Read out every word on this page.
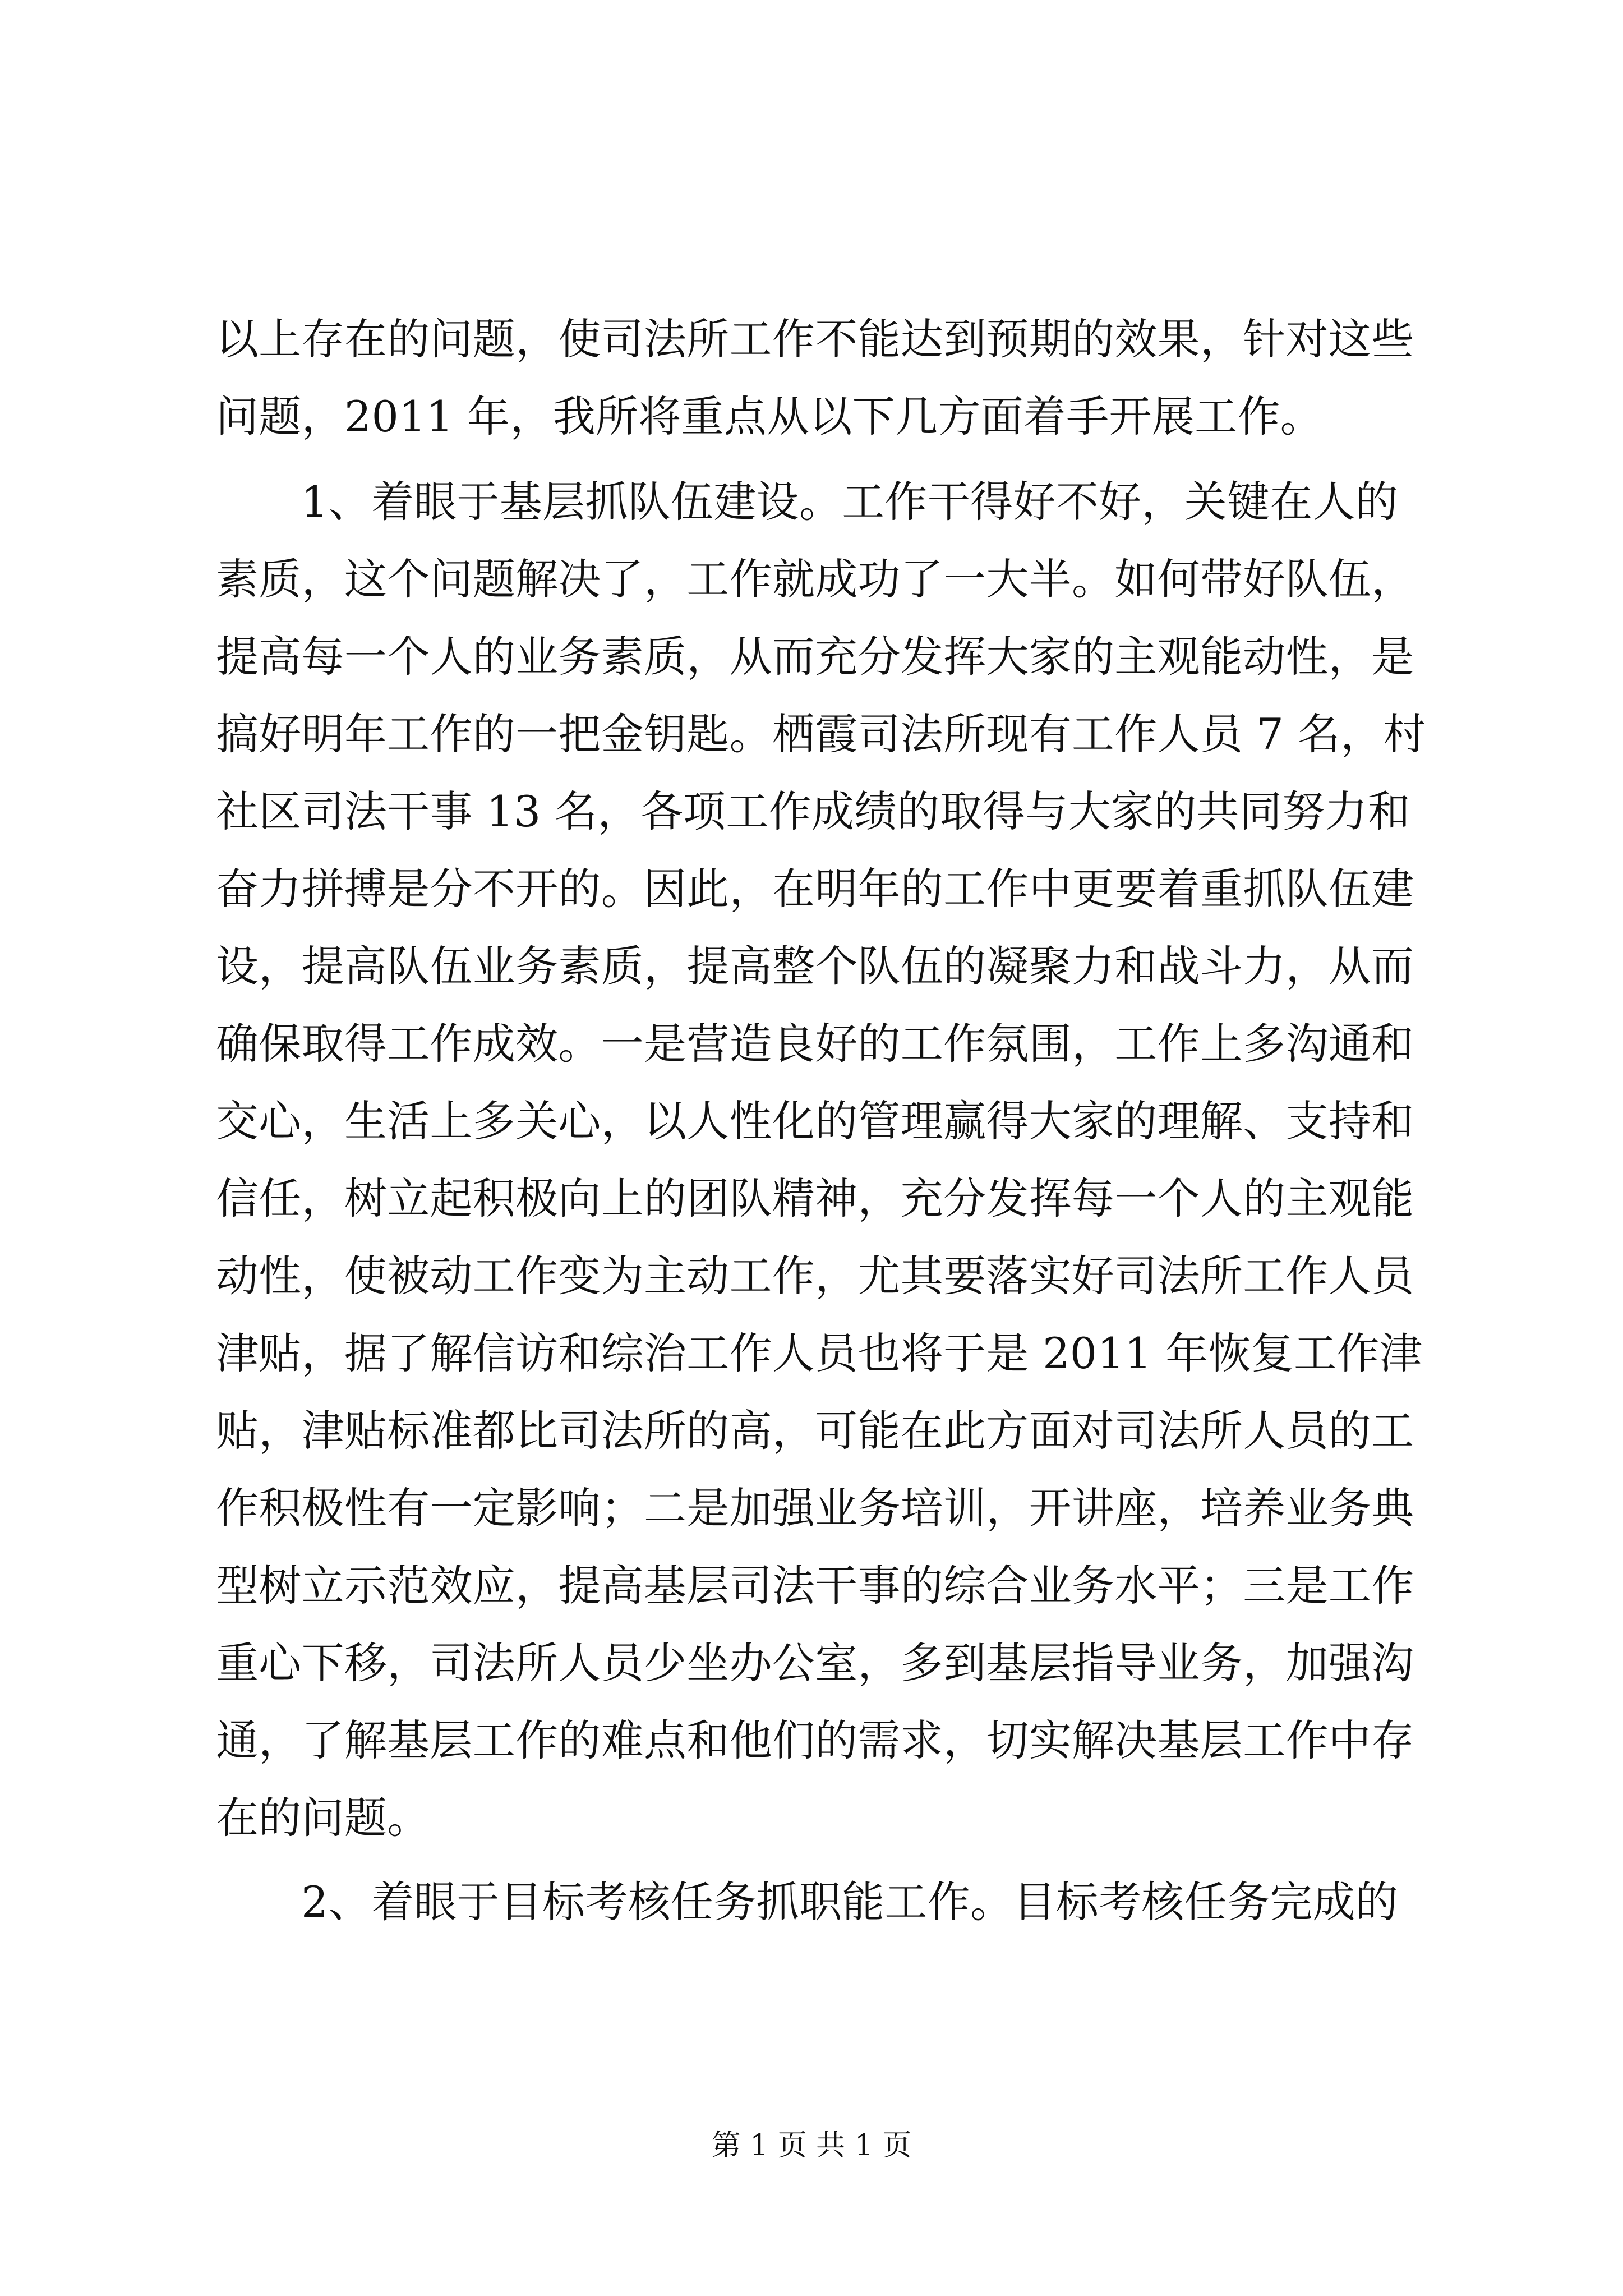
以上存在的问题，使司法所工作不能达到预期的效果，针对这些
问题，2011 年，我所将重点从以下几方面着手开展工作。
1、着眼于基层抓队伍建设。工作干得好不好，关键在人的
素质，这个问题解决了，工作就成功了一大半。如何带好队伍，
提高每一个人的业务素质，从而充分发挥大家的主观能动性，是
搞好明年工作的一把金钥匙。栖霞司法所现有工作人员 7 名，村
社区司法干事 13 名，各项工作成绩的取得与大家的共同努力和
奋力拼搏是分不开的。因此，在明年的工作中更要着重抓队伍建
设，提高队伍业务素质，提高整个队伍的凝聚力和战斗力，从而
确保取得工作成效。一是营造良好的工作氛围，工作上多沟通和
交心，生活上多关心，以人性化的管理赢得大家的理解、支持和
信任，树立起积极向上的团队精神，充分发挥每一个人的主观能
动性，使被动工作变为主动工作，尤其要落实好司法所工作人员
津贴，据了解信访和综治工作人员也将于是 2011 年恢复工作津
贴，津贴标准都比司法所的高，可能在此方面对司法所人员的工
作积极性有一定影响；二是加强业务培训，开讲座，培养业务典
型树立示范效应，提高基层司法干事的综合业务水平；三是工作
重心下移，司法所人员少坐办公室，多到基层指导业务，加强沟
通，了解基层工作的难点和他们的需求，切实解决基层工作中存
在的问题。
2、着眼于目标考核任务抓职能工作。目标考核任务完成的
第 1 页 共 1 页
